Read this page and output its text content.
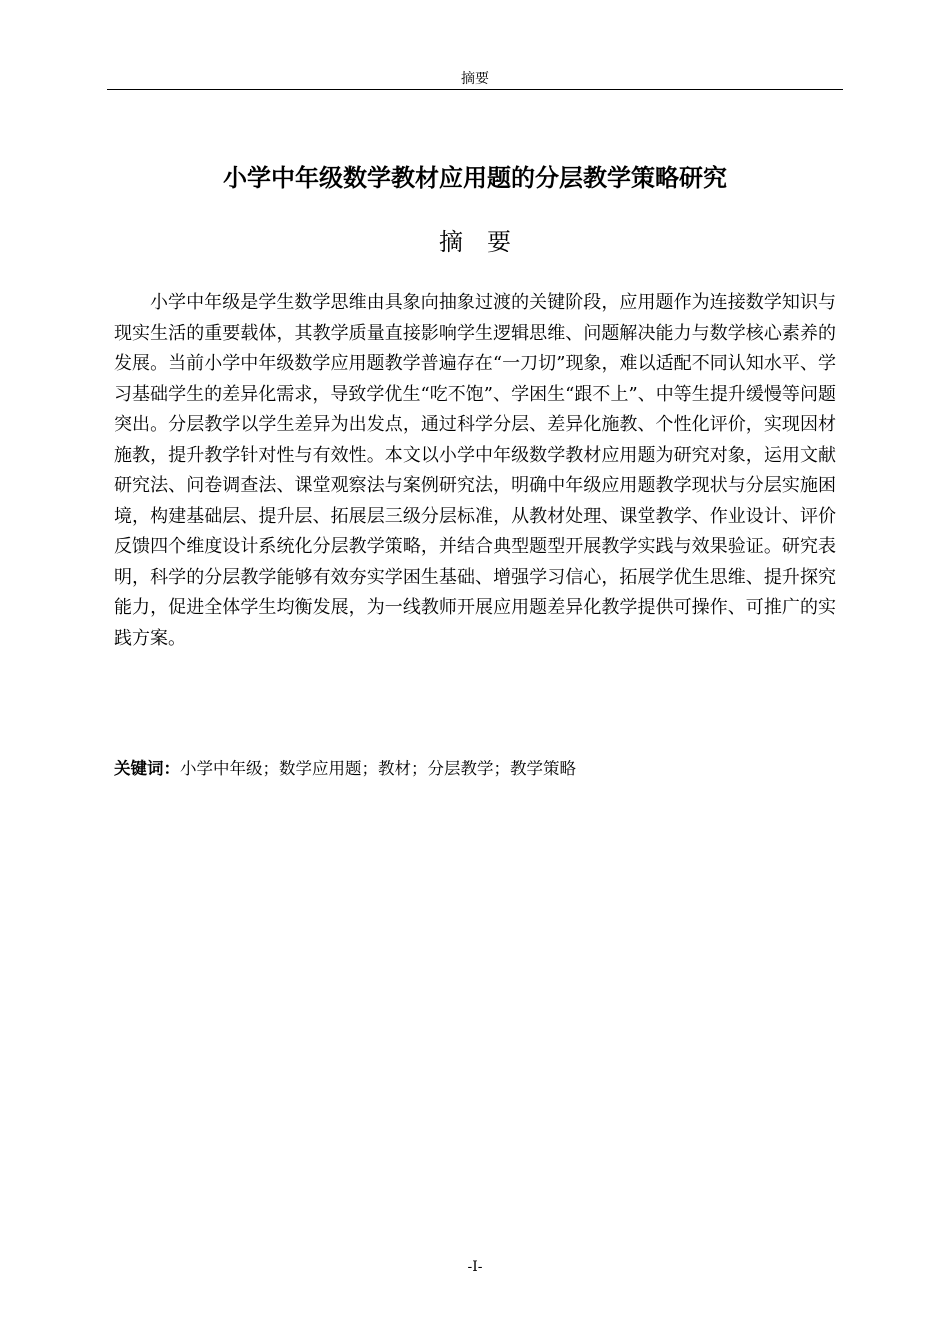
摘要
小学中年级数学教材应用题的分层教学策略研究
摘要

小学中年级是学生数学思维由具象向抽象过渡的关键阶段，应用题作为连接数学知识与现实生活的重要载体，其教学质量直接影响学生逻辑思维、问题解决能力与数学核心素养的发展。当前小学中年级数学应用题教学普遍存在“一刀切”现象，难以适配不同认知水平、学习基础学生的差异化需求，导致学优生“吃不饱”、学困生“跟不上”、中等生提升缓慢等问题突出。分层教学以学生差异为出发点，通过科学分层、差异化施教、个性化评价，实现因材施教，提升教学针对性与有效性。本文以小学中年级数学教材应用题为研究对象，运用文献研究法、问卷调查法、课堂观察法与案例研究法，明确中年级应用题教学现状与分层实施困境，构建基础层、提升层、拓展层三级分层标准，从教材处理、课堂教学、作业设计、评价反馈四个维度设计系统化分层教学策略，并结合典型题型开展教学实践与效果验证。研究表明，科学的分层教学能够有效夯实学困生基础、增强学习信心，拓展学优生思维、提升探究能力，促进全体学生均衡发展，为一线教师开展应用题差异化教学提供可操作、可推广的实践方案。

关键词：小学中年级；数学应用题；教材；分层教学；教学策略
-I-
